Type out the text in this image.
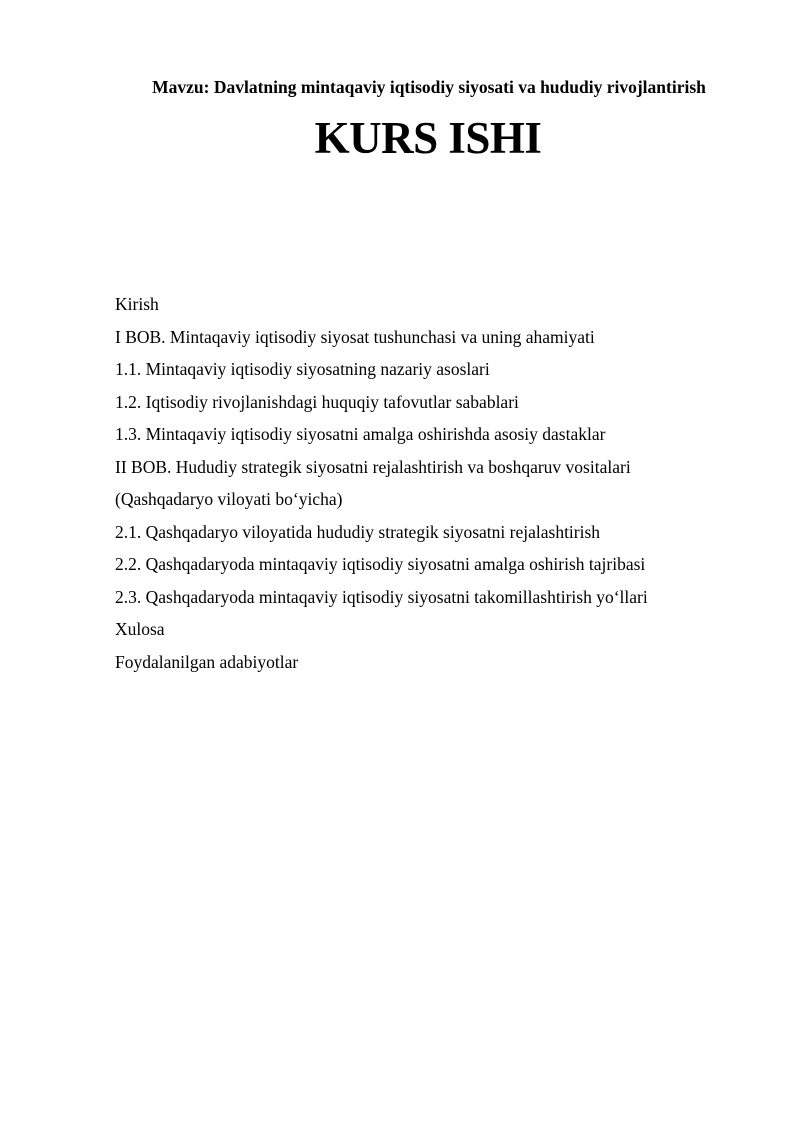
Mavzu: Davlatning mintaqaviy iqtisodiy siyosati va hududiy rivojlantirish
KURS ISHI
Kirish
I BOB. Mintaqaviy iqtisodiy siyosat tushunchasi va uning ahamiyati
1.1. Mintaqaviy iqtisodiy siyosatning nazariy asoslari
1.2. Iqtisodiy rivojlanishdagi huquqiy tafovutlar sabablari
1.3. Mintaqaviy iqtisodiy siyosatni amalga oshirishda asosiy dastaklar
II BOB. Hududiy strategik siyosatni rejalashtirish va boshqaruv vositalari
(Qashqadaryo viloyati bo‘yicha)
2.1. Qashqadaryo viloyatida hududiy strategik siyosatni rejalashtirish
2.2. Qashqadaryoda mintaqaviy iqtisodiy siyosatni amalga oshirish tajribasi
2.3. Qashqadaryoda mintaqaviy iqtisodiy siyosatni takomillashtirish yo‘llari
Xulosa
Foydalanilgan adabiyotlar
